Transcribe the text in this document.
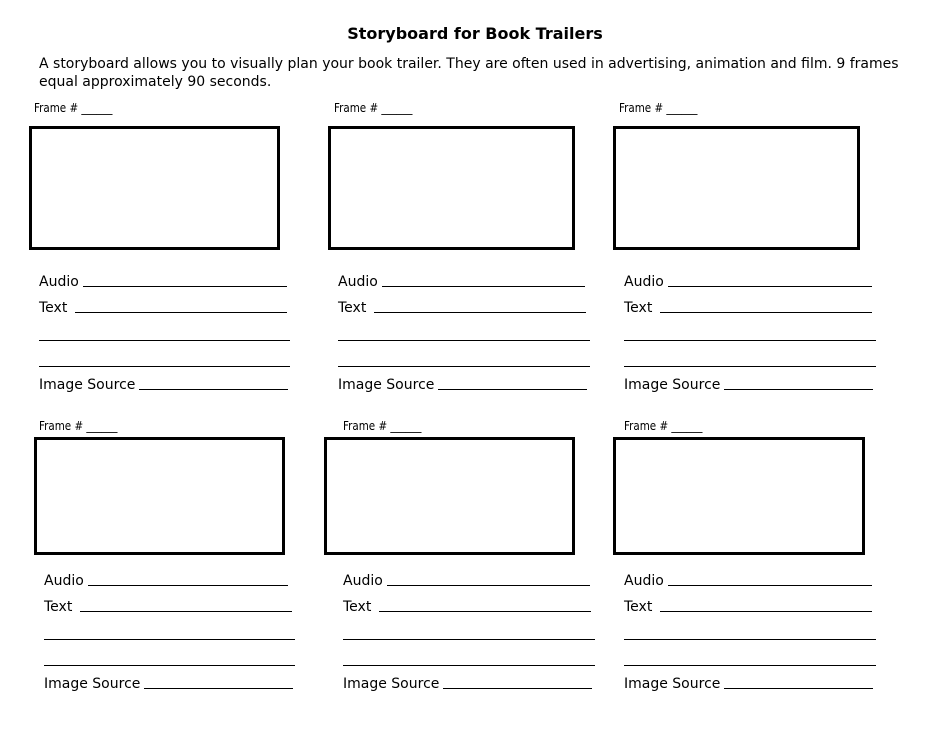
Storyboard for Book Trailers
A storyboard allows you to visually plan your book trailer. They are often used in advertising, animation and film. 9 frames equal approximately 90 seconds.
Frame # ______
Audio
Text
Image Source
Frame # ______
Audio
Text
Image Source
Frame # ______
Audio
Text
Image Source
Frame # ______
Audio
Text
Image Source
Frame # ______
Audio
Text
Image Source
Frame # ______
Audio
Text
Image Source
